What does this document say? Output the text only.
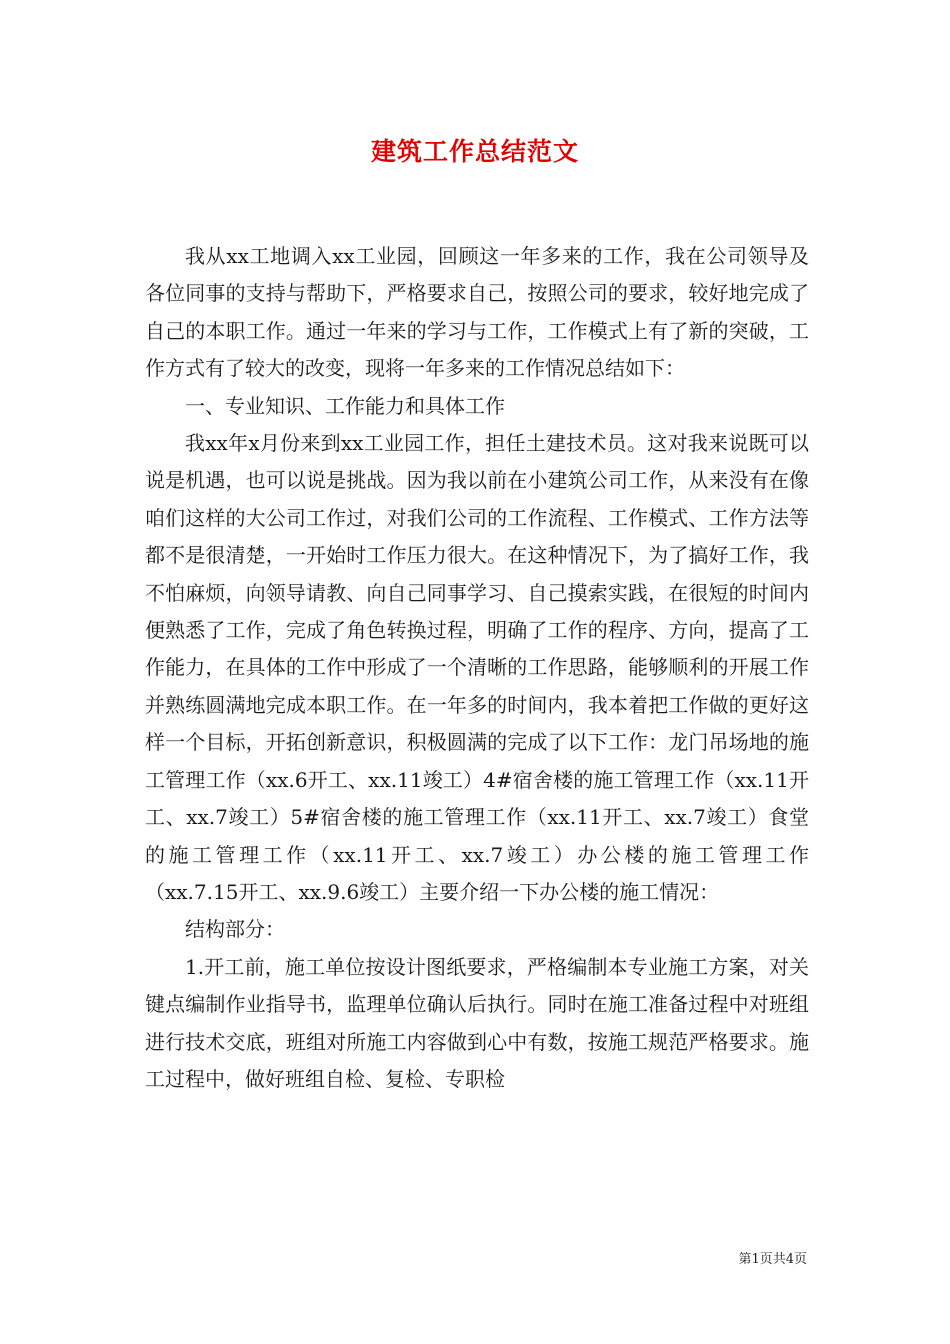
建筑工作总结范文

我从xx工地调入xx工业园，回顾这一年多来的工作，我在公司领导及各位同事的支持与帮助下，严格要求自己，按照公司的要求，较好地完成了自己的本职工作。通过一年来的学习与工作，工作模式上有了新的突破，工作方式有了较大的改变，现将一年多来的工作情况总结如下：

一、专业知识、工作能力和具体工作

我xx年x月份来到xx工业园工作，担任土建技术员。这对我来说既可以说是机遇，也可以说是挑战。因为我以前在小建筑公司工作，从来没有在像咱们这样的大公司工作过，对我们公司的工作流程、工作模式、工作方法等都不是很清楚，一开始时工作压力很大。在这种情况下，为了搞好工作，我不怕麻烦，向领导请教、向自己同事学习、自己摸索实践，在很短的时间内便熟悉了工作，完成了角色转换过程，明确了工作的程序、方向，提高了工作能力，在具体的工作中形成了一个清晰的工作思路，能够顺利的开展工作并熟练圆满地完成本职工作。在一年多的时间内，我本着把工作做的更好这样一个目标，开拓创新意识，积极圆满的完成了以下工作：龙门吊场地的施工管理工作（xx.6开工、xx.11竣工）4#宿舍楼的施工管理工作（xx.11开工、xx.7竣工）5#宿舍楼的施工管理工作（xx.11开工、xx.7竣工）食堂的施工管理工作（xx.11开工、xx.7竣工）办公楼的施工管理工作（xx.7.15开工、xx.9.6竣工）主要介绍一下办公楼的施工情况：

结构部分：

1.开工前，施工单位按设计图纸要求，严格编制本专业施工方案，对关键点编制作业指导书，监理单位确认后执行。同时在施工准备过程中对班组进行技术交底，班组对所施工内容做到心中有数，按施工规范严格要求。施工过程中，做好班组自检、复检、专职检

第1页共4页
